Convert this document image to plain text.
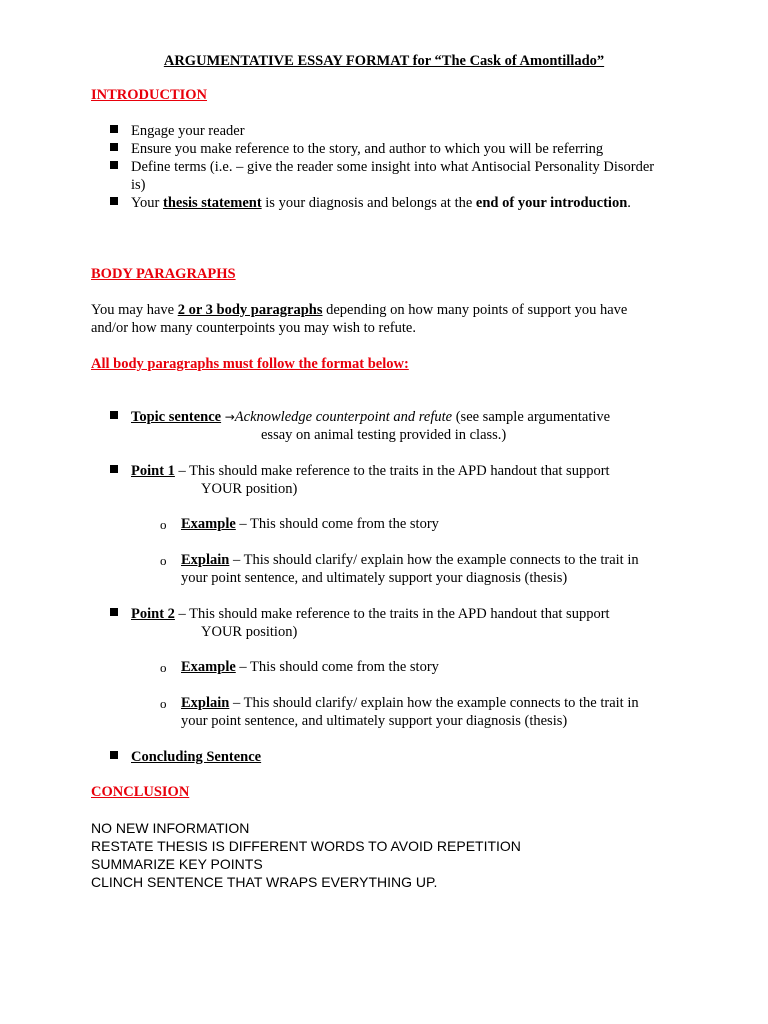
ARGUMENTATIVE ESSAY FORMAT for “The Cask of Amontillado”
INTRODUCTION
Engage your reader
Ensure you make reference to the story, and author to which you will be referring
Define terms (i.e. – give the reader some insight into what Antisocial Personality Disorder
is)
Your thesis statement is your diagnosis and belongs at the end of your introduction.
BODY PARAGRAPHS
You may have 2 or 3 body paragraphs depending on how many points of support you have
and/or how many counterpoints you may wish to refute.
All body paragraphs must follow the format below:
Topic sentence →Acknowledge counterpoint and refute (see sample argumentative
essay on animal testing provided in class.)
Point 1 – This should make reference to the traits in the APD handout that support
YOUR position)
o Example – This should come from the story
o Explain – This should clarify/ explain how the example connects to the trait in
your point sentence, and ultimately support your diagnosis (thesis)
Point 2 – This should make reference to the traits in the APD handout that support
YOUR position)
o Example – This should come from the story
o Explain – This should clarify/ explain how the example connects to the trait in
your point sentence, and ultimately support your diagnosis (thesis)
Concluding Sentence
CONCLUSION
NO NEW INFORMATION
RESTATE THESIS IS DIFFERENT WORDS TO AVOID REPETITION
SUMMARIZE KEY POINTS
CLINCH SENTENCE THAT WRAPS EVERYTHING UP.
